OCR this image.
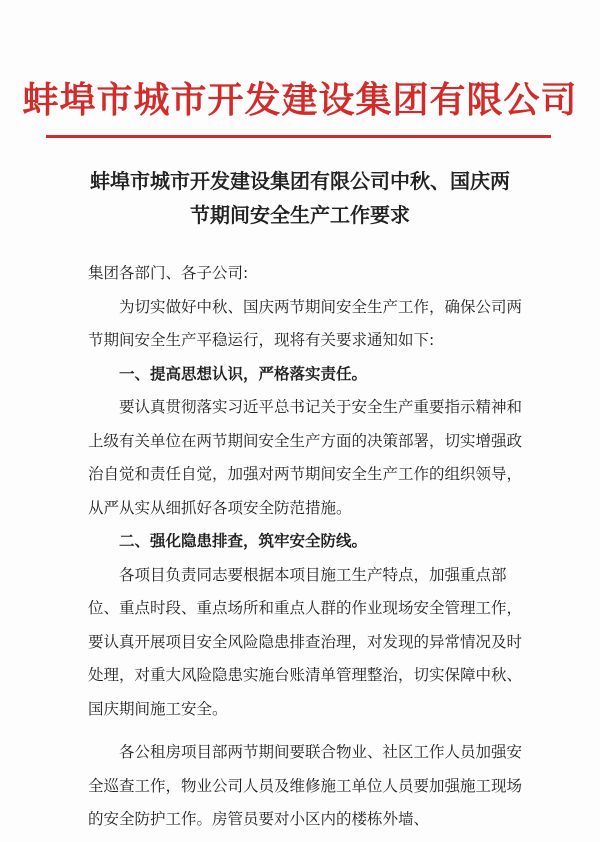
蚌埠市城市开发建设集团有限公司
蚌埠市城市开发建设集团有限公司中秋、国庆两
节期间安全生产工作要求

集团各部门、各子公司:

为切实做好中秋、国庆两节期间安全生产工作，确保公司两节期间安全生产平稳运行，现将有关要求通知如下:

一、提高思想认识，严格落实责任。

要认真贯彻落实习近平总书记关于安全生产重要指示精神和上级有关单位在两节期间安全生产方面的决策部署，切实增强政治自觉和责任自觉，加强对两节期间安全生产工作的组织领导，从严从实从细抓好各项安全防范措施。

二、强化隐患排查，筑牢安全防线。

各项目负责同志要根据本项目施工生产特点，加强重点部位、重点时段、重点场所和重点人群的作业现场安全管理工作，要认真开展项目安全风险隐患排查治理，对发现的异常情况及时处理，对重大风险隐患实施台账清单管理整治，切实保障中秋、国庆期间施工安全。

各公租房项目部两节期间要联合物业、社区工作人员加强安全巡查工作，物业公司人员及维修施工单位人员要加强施工现场的安全防护工作。房管员要对小区内的楼栋外墙、
